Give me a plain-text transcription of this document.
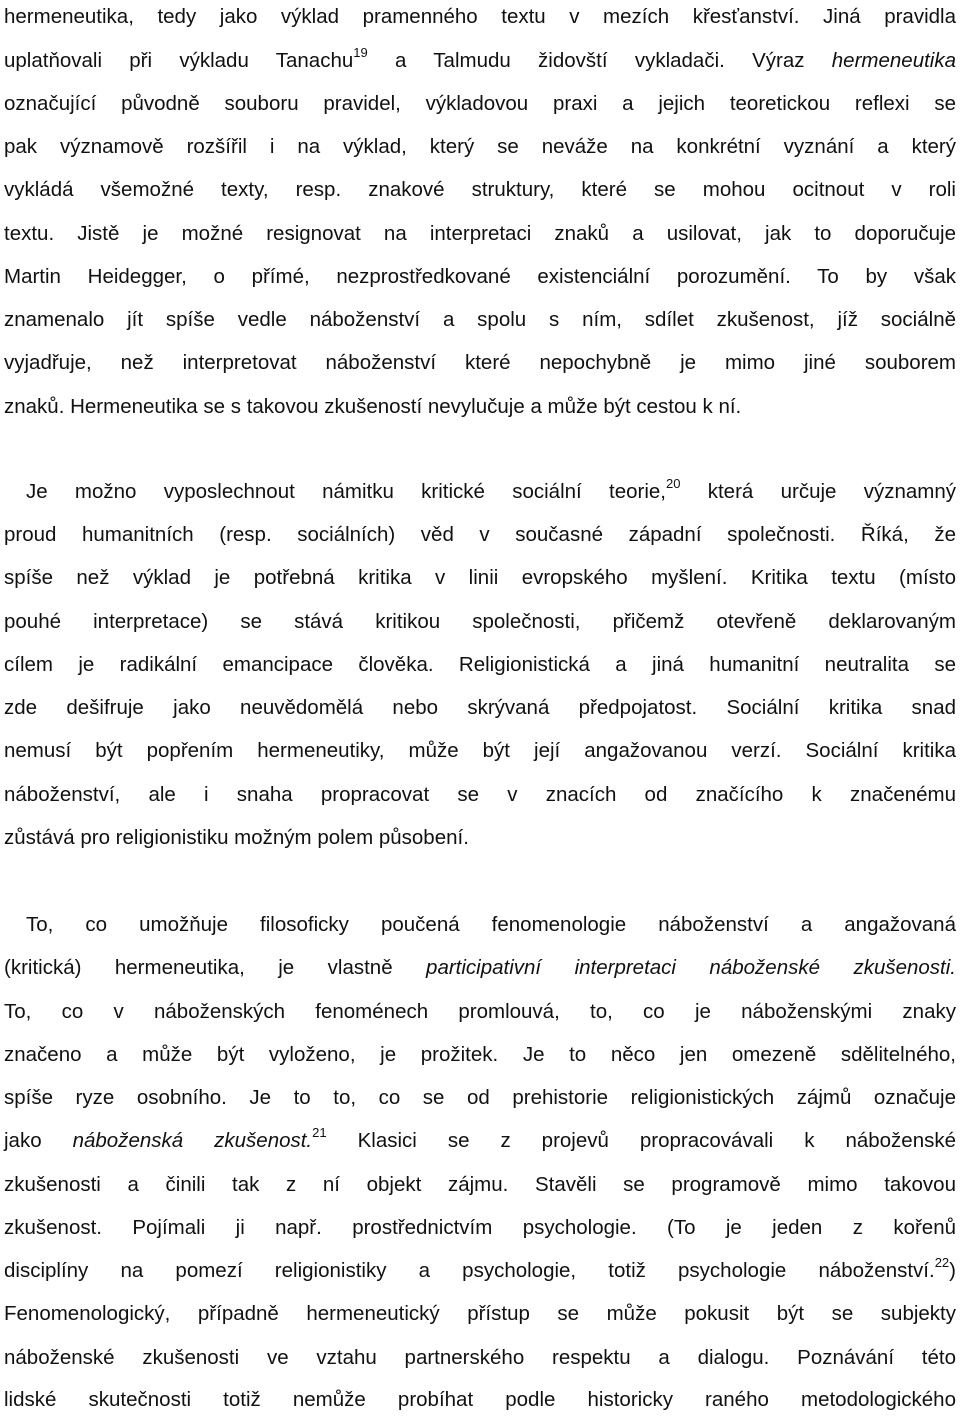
hermeneutika, tedy jako výklad pramenného textu v mezích křesťanství. Jiná pravidla
uplatňovali při výkladu Tanachu$^{19}$ a Talmudu židovští vykladači. Výraz hermeneutika
označující původně souboru pravidel, výkladovou praxi a jejich teoretickou reflexi se
pak významově rozšířil i na výklad, který se neváže na konkrétní vyznání a který
vykládá všemožné texty, resp. znakové struktury, které se mohou ocitnout v roli
textu. Jistě je možné resignovat na interpretaci znaků a usilovat, jak to doporučuje
Martin Heidegger, o přímé, nezprostředkované existenciální porozumění. To by však
znamenalo jít spíše vedle náboženství a spolu s ním, sdílet zkušenost, jíž sociálně
vyjadřuje, než interpretovat náboženství které nepochybně je mimo jiné souborem
znaků. Hermeneutika se s takovou zkušeností nevylučuje a může být cestou k ní.
Je možno vyposlechnout námitku kritické sociální teorie,$^{20}$ která určuje významný
proud humanitních (resp. sociálních) věd v současné západní společnosti. Říká, že
spíše než výklad je potřebná kritika v linii evropského myšlení. Kritika textu (místo
pouhé interpretace) se stává kritikou společnosti, přičemž otevřeně deklarovaným
cílem je radikální emancipace člověka. Religionistická a jiná humanitní neutralita se
zde dešifruje jako neuvědomělá nebo skrývaná předpojatost. Sociální kritika snad
nemusí být popřením hermeneutiky, může být její angažovanou verzí. Sociální kritika
náboženství, ale i snaha propracovat se v znacích od značícího k značenému
zůstává pro religionistiku možným polem působení.
To, co umožňuje filosoficky poučená fenomenologie náboženství a angažovaná
(kritická) hermeneutika, je vlastně participativní interpretaci náboženské zkušenosti.
To, co v náboženských fenoménech promlouvá, to, co je náboženskými znaky
značeno a může být vyloženo, je prožitek. Je to něco jen omezeně sdělitelného,
spíše ryze osobního. Je to to, co se od prehistorie religionistických zájmů označuje
jako náboženská zkušenost.$^{21}$ Klasici se z projevů propracovávali k náboženské
zkušenosti a činili tak z ní objekt zájmu. Stavěli se programově mimo takovou
zkušenost. Pojímali ji např. prostřednictvím psychologie. (To je jeden z kořenů
disciplíny na pomezí religionistiky a psychologie, totiž psychologie náboženství.$^{22}$)
Fenomenologický, případně hermeneutický přístup se může pokusit být se subjekty
náboženské zkušenosti ve vztahu partnerského respektu a dialogu. Poznávání této
lidské skutečnosti totiž nemůže probíhat podle historicky raného metodologického
